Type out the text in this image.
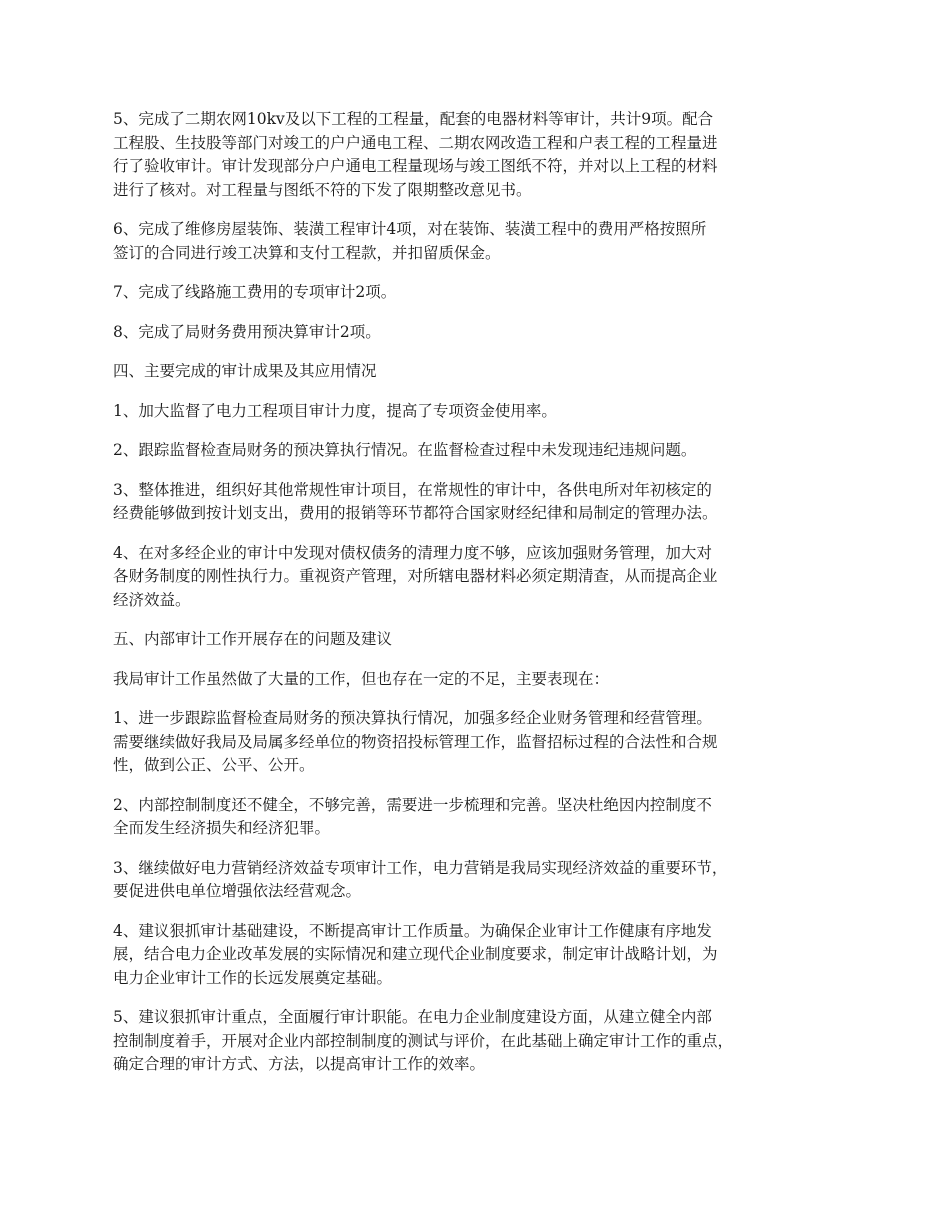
5、完成了二期农网10kv及以下工程的工程量，配套的电器材料等审计，共计9项。配合
工程股、生技股等部门对竣工的户户通电工程、二期农网改造工程和户表工程的工程量进
行了验收审计。审计发现部分户户通电工程量现场与竣工图纸不符，并对以上工程的材料
进行了核对。对工程量与图纸不符的下发了限期整改意见书。

6、完成了维修房屋装饰、装潢工程审计4项，对在装饰、装潢工程中的费用严格按照所
签订的合同进行竣工决算和支付工程款，并扣留质保金。

7、完成了线路施工费用的专项审计2项。

8、完成了局财务费用预决算审计2项。

四、主要完成的审计成果及其应用情况

1、加大监督了电力工程项目审计力度，提高了专项资金使用率。

2、跟踪监督检查局财务的预决算执行情况。在监督检查过程中未发现违纪违规问题。

3、整体推进，组织好其他常规性审计项目，在常规性的审计中，各供电所对年初核定的
经费能够做到按计划支出，费用的报销等环节都符合国家财经纪律和局制定的管理办法。

4、在对多经企业的审计中发现对债权债务的清理力度不够，应该加强财务管理，加大对
各财务制度的刚性执行力。重视资产管理，对所辖电器材料必须定期清查，从而提高企业
经济效益。

五、内部审计工作开展存在的问题及建议

我局审计工作虽然做了大量的工作，但也存在一定的不足，主要表现在：

1、进一步跟踪监督检查局财务的预决算执行情况，加强多经企业财务管理和经营管理。
需要继续做好我局及局属多经单位的物资招投标管理工作，监督招标过程的合法性和合规
性，做到公正、公平、公开。

2、内部控制制度还不健全，不够完善，需要进一步梳理和完善。坚决杜绝因内控制度不
全而发生经济损失和经济犯罪。

3、继续做好电力营销经济效益专项审计工作，电力营销是我局实现经济效益的重要环节，
要促进供电单位增强依法经营观念。

4、建议狠抓审计基础建设，不断提高审计工作质量。为确保企业审计工作健康有序地发
展，结合电力企业改革发展的实际情况和建立现代企业制度要求，制定审计战略计划，为
电力企业审计工作的长远发展奠定基础。

5、建议狠抓审计重点，全面履行审计职能。在电力企业制度建设方面，从建立健全内部
控制制度着手，开展对企业内部控制制度的测试与评价，在此基础上确定审计工作的重点，
确定合理的审计方式、方法，以提高审计工作的效率。
